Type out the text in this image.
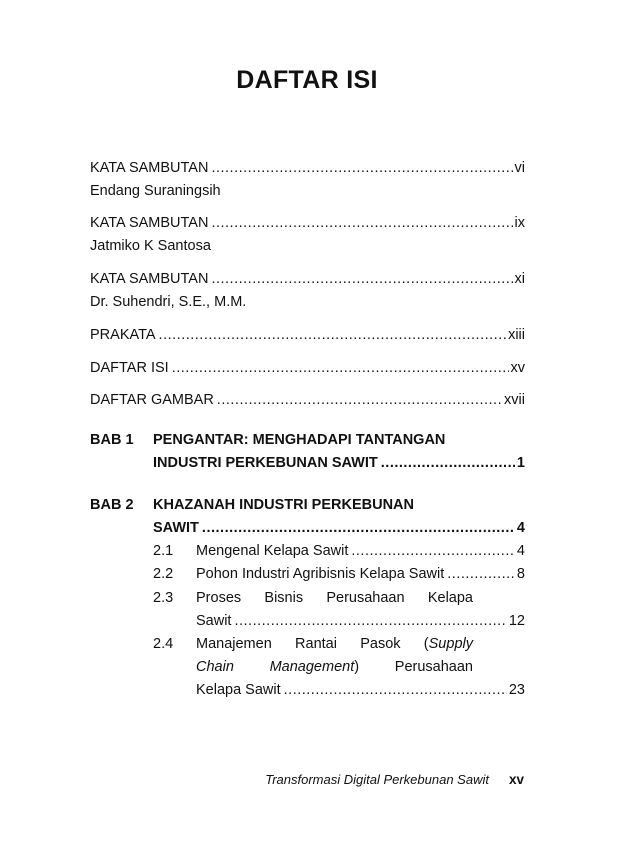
DAFTAR ISI
KATA SAMBUTAN .....	vi
Endang Suraningsih
KATA SAMBUTAN .....	ix
Jatmiko K Santosa
KATA SAMBUTAN .....	xi
Dr. Suhendri, S.E., M.M.
PRAKATA .....	xiii
DAFTAR ISI .....	xv
DAFTAR GAMBAR .....	xvii
BAB 1 PENGANTAR: MENGHADAPI TANTANGAN
INDUSTRI PERKEBUNAN SAWIT .....	1
BAB 2 KHAZANAH INDUSTRI PERKEBUNAN
SAWIT .....	4
2.1 Mengenal Kelapa Sawit .....	4
2.2 Pohon Industri Agribisnis Kelapa Sawit .....	8
2.3 Proses Bisnis Perusahaan Kelapa
Sawit .....	12
2.4 Manajemen Rantai Pasok (Supply
Chain Management) Perusahaan
Kelapa Sawit .....	23
Transformasi Digital Perkebunan Sawit xv
